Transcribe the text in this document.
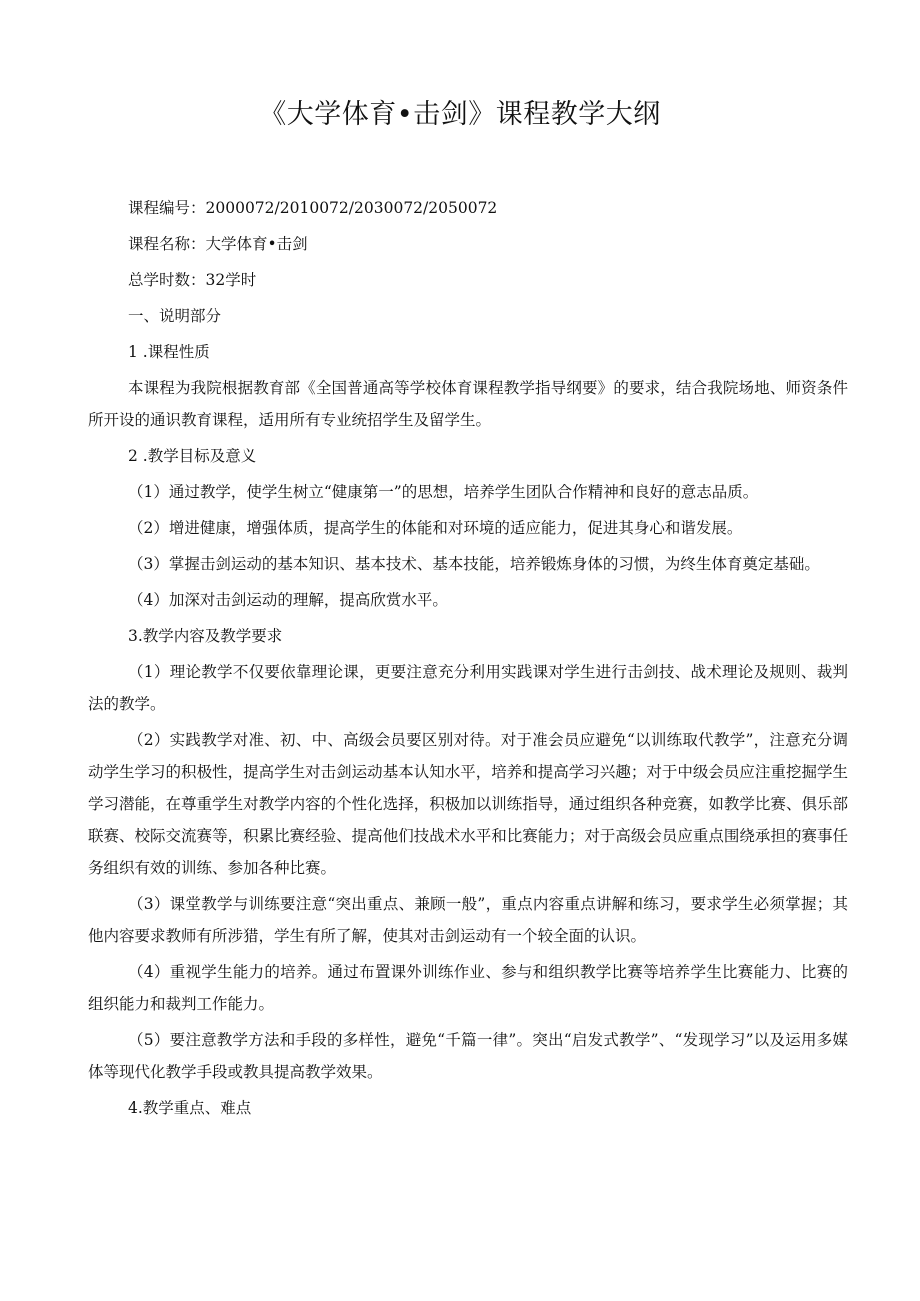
《大学体育•击剑》课程教学大纲

课程编号：2000072/2010072/2030072/2050072

课程名称：大学体育•击剑

总学时数：32学时

一、说明部分

1 .课程性质

本课程为我院根据教育部《全国普通高等学校体育课程教学指导纲要》的要求，结合我院场地、师资条件所开设的通识教育课程，适用所有专业统招学生及留学生。

2 .教学目标及意义

（1）通过教学，使学生树立“健康第一”的思想，培养学生团队合作精神和良好的意志品质。

（2）增进健康，增强体质，提高学生的体能和对环境的适应能力，促进其身心和谐发展。

（3）掌握击剑运动的基本知识、基本技术、基本技能，培养锻炼身体的习惯，为终生体育奠定基础。

（4）加深对击剑运动的理解，提高欣赏水平。

3.教学内容及教学要求

（1）理论教学不仅要依靠理论课，更要注意充分利用实践课对学生进行击剑技、战术理论及规则、裁判法的教学。

（2）实践教学对准、初、中、高级会员要区别对待。对于准会员应避免“以训练取代教学”，注意充分调动学生学习的积极性，提高学生对击剑运动基本认知水平，培养和提高学习兴趣；对于中级会员应注重挖掘学生学习潜能，在尊重学生对教学内容的个性化选择，积极加以训练指导，通过组织各种竞赛，如教学比赛、俱乐部联赛、校际交流赛等，积累比赛经验、提高他们技战术水平和比赛能力；对于高级会员应重点围绕承担的赛事任务组织有效的训练、参加各种比赛。

（3）课堂教学与训练要注意“突出重点、兼顾一般”，重点内容重点讲解和练习，要求学生必须掌握；其他内容要求教师有所涉猎，学生有所了解，使其对击剑运动有一个较全面的认识。

（4）重视学生能力的培养。通过布置课外训练作业、参与和组织教学比赛等培养学生比赛能力、比赛的组织能力和裁判工作能力。

（5）要注意教学方法和手段的多样性，避免“千篇一律”。突出“启发式教学”、“发现学习”以及运用多媒体等现代化教学手段或教具提高教学效果。

4.教学重点、难点
